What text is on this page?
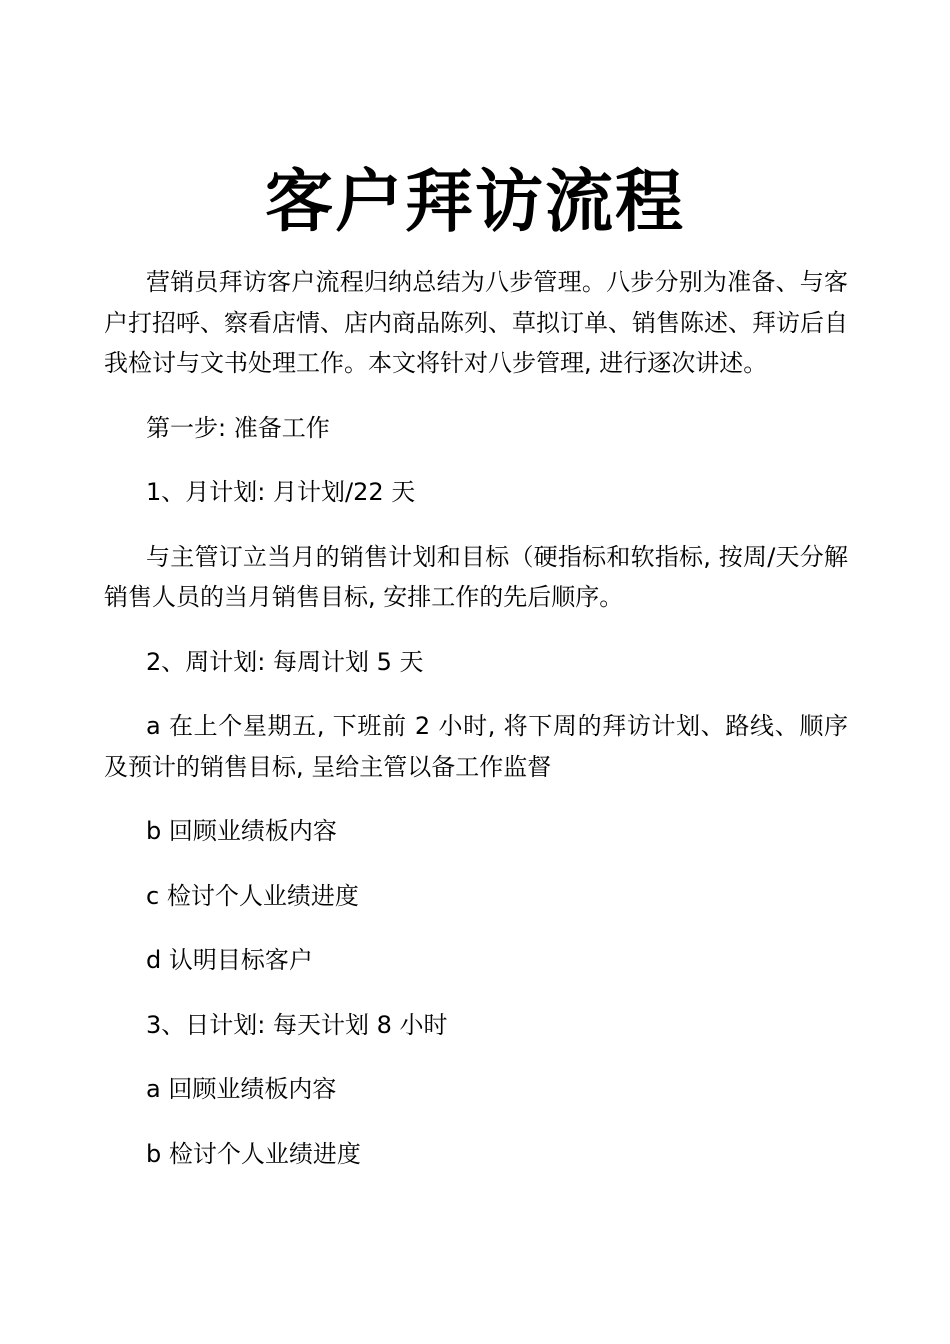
客户拜访流程

营销员拜访客户流程归纳总结为八步管理。八步分别为准备、与客户打招呼、察看店情、店内商品陈列、草拟订单、销售陈述、拜访后自我检讨与文书处理工作。本文将针对八步管理, 进行逐次讲述。

第一步: 准备工作

1、月计划: 月计划/22 天

与主管订立当月的销售计划和目标（硬指标和软指标, 按周/天分解销售人员的当月销售目标, 安排工作的先后顺序。

2、周计划: 每周计划 5 天

a 在上个星期五, 下班前 2 小时, 将下周的拜访计划、路线、顺序及预计的销售目标, 呈给主管以备工作监督

b 回顾业绩板内容

c 检讨个人业绩进度

d 认明目标客户

3、日计划: 每天计划 8 小时

a 回顾业绩板内容

b 检讨个人业绩进度
